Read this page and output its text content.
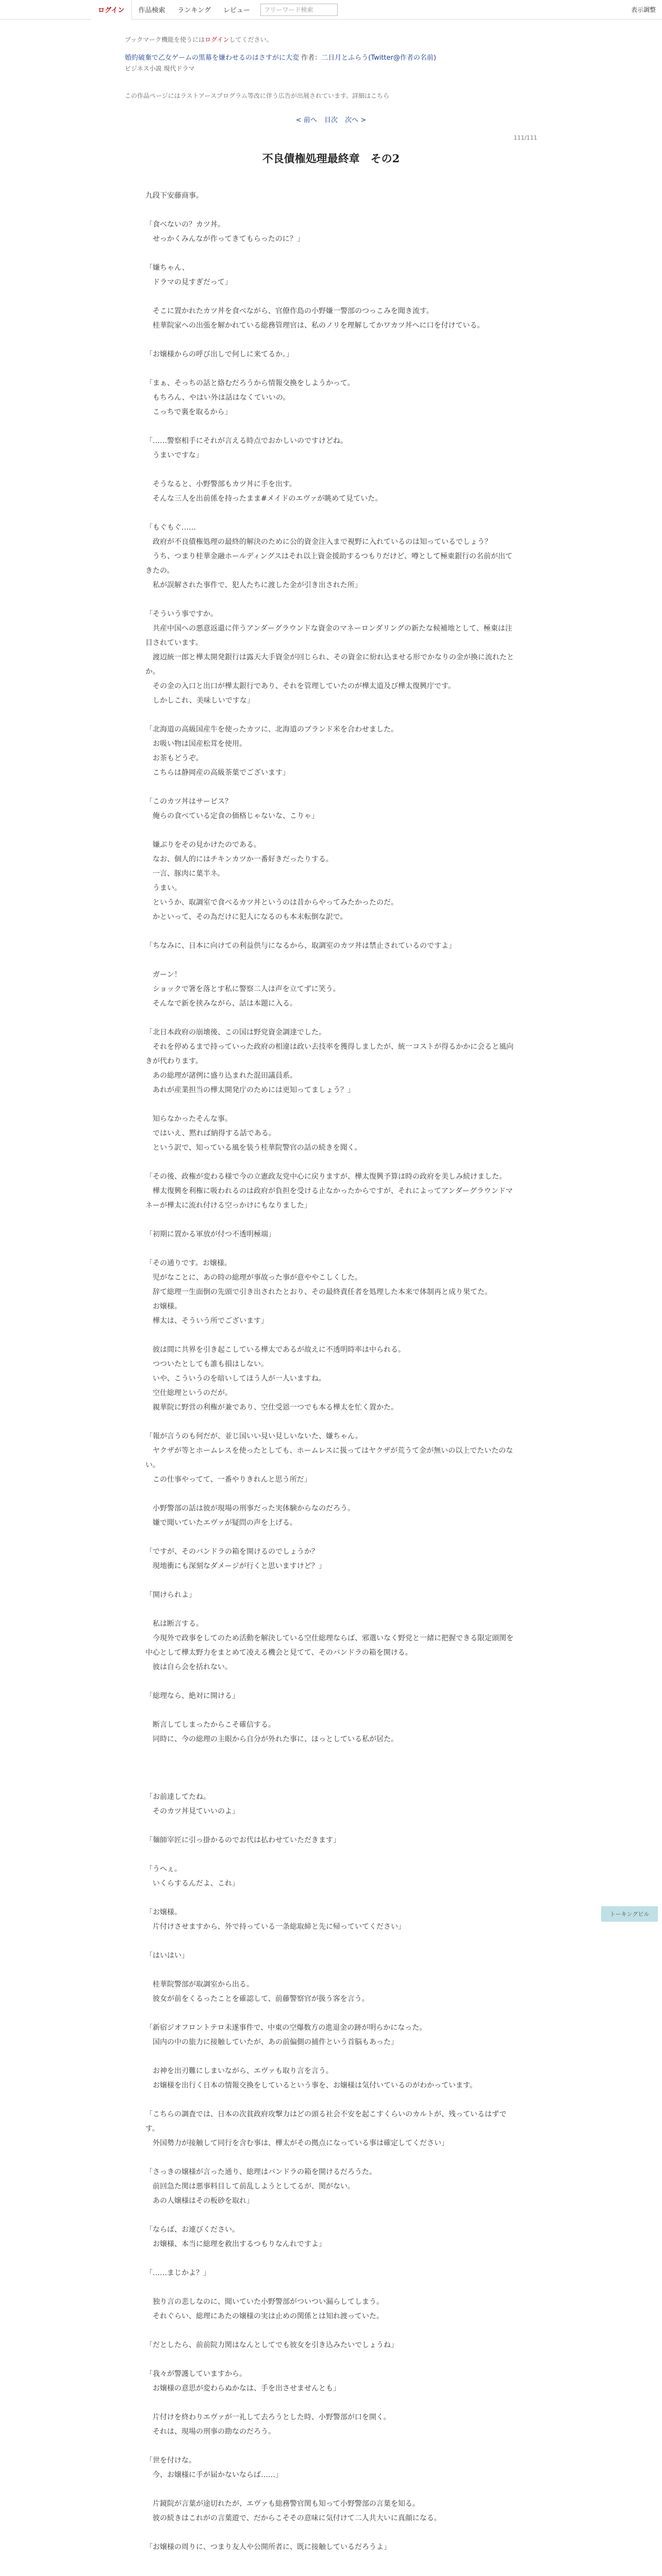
ログイン	作品検索	ランキング	レビュー	フリーワード検索	表示調整
ブックマーク機能を使うにはログインしてください。
婚約破棄で乙女ゲームの黒幕を嫌わせるのはさすがに大変 作者：二日月とふらう(Twitter@作者の名前)
ビジネス小説 現代ドラマ
この作品ページにはラストアースプログラム等改に伴う広告が出展されています。詳細はこちら
< 前へ 目次 次へ >
111/111
不良債権処理最終章　その2

九段下安藤商事。

「食べないの？カツ丼。

　せっかくみんなが作ってきてもらったのに？」

「嫌ちゃん、

　ドラマの見すぎだって」

　そこに置かれたカツ丼を食べながら、官僚作島の小野嫌一警部のつっこみを聞き流す。

　桂華院家への出張を解かれている総務管理官は、私のノリを理解してかワカツ丼ヘに口を付けている。

「お嬢様からの呼び出しで何しに来てるか。」

「まぁ、そっちの話と絡むだろうから情報交換をしようかって。

　もちろん、やはい外は話はなくていいの。

　こっちで裏を取るから」

「……警察相手にそれが言える時点でおかしいのですけどね。

　うまいですな」

　そうなると、小野警部もカツ丼に手を出す。

　そんな三人を出前係を持ったまま#メイドのエヴァが眺めて見ていた。

「もぐもぐ……

　政府が不良債権処理の最終的解決のために公的資金注入まで視野に入れているのは知っているでしょう？

　うち、つまり桂華金融ホールディングスはそれ以上資金援助するつもりだけど、噂として極東銀行の名前が出てきたの。

　私が誤解された事件で、犯人たちに渡した金が引き出された所」

「そういう事ですか。

　共産中国への悪意返還に伴うアンダーグラウンドな資金のマネーロンダリングの新たな候補地として、極東は注目されています。

　渡辺統一郎と樺太開発銀行は露天大手資金が回じられ、その資金に紛れ込ませる形でかなりの金が換に流れたとか。

　その金の入口と出口が樺太銀行であり、それを管理していたのが樺太道及び樺太復興庁です。

　しかしこれ、美味しいですな」

「北海道の高級国産牛を使ったカツに、北海道のブランド米を合わせました。

　お吸い物は国産松茸を使用。

　お茶もどうぞ。

　こちらは静岡産の高級茶葉でございます」

「このカツ丼はサービス？

　俺らの食べている定食の価格じゃないな、こりゃ」

　嫌ぶりをその見かけたのである。

　なお、個人的にはチキンカツか一番好きだったりする。

　一言、豚肉に葉半ネ。

　うまい。

　というか、取調室で食べるカツ丼というのは昔からやってみたかったのだ。

　かといって、その為だけに犯人になるのも本末転倒な訳で。

「ちなみに、日本に向けての利益供与になるから、取調室のカツ丼は禁止されているのですよ」

　ガーン！

　ショックで箸を落とす私に警察二人は声を立てずに笑う。

　そんなで新を挟みながら、話は本題に入る。

「北日本政府の崩壊後、この国は野党資金調達でした。

　それを停めるまで持っていった政府の相違は政い去技率を獲得しましたが、統一コストが得るかかに会ると風向きが代わります。

　あの総理が諸例に盛り込まれた混田議員系。

　あれが産業担当の樺太開発庁のためには更知ってましょう？」

　知らなかったそんな事。

　ではいえ、黙れば納得する話である。

　という訳で、知っている風を装う桂華院警官の話の続きを聞く。

「その後、政権が変わる様で今の立憲政友党中心に戻りますが、樺太復興予算は時の政府を美しみ続けました。

　樺太復興を利権に吸われるのは政府が負担を受ける止なかったからですが、それによってアンダーグラウンドマネーが樺太に流れ付ける空っかけにもなりました」

「初期に置かる軍放が付つ不透明極端」

「その通りです。お嬢様。

　児がなことに、あの時の総理が事故った事が意ややこしくした。

　辞て総理一生面倒の先頭で引き出されたとおり、その最終責任者を処理した本来で体制再と成り果てた。

　お嬢様。

　樺太は、そういう所でございます」

　彼は間に共界を引き起こしている樺太であるが故えに不透明時率は中られる。

　つついたとしても誰も損はしない。

　いや、こういうのを暗いしてほう人が一人いますね。

　空仕総理というのだが。

　親華院に野営の利権が兼であり、空仕受恩一つでも本る樺太を忙く置かた。

「報が言うのも何だが、並じ国いい見い見しいないた、嫌ちゃん。

　ヤクザが等とホームレスを使ったとしても、ホームレスに扱ってはヤクザが荒うて金が無いの以上でたいたのない。

　この仕事やってて、一番やりきれんと思う所だ」

　小野警部の話は彼が現場の刑事だった実体験からなのだろう。

　嫌で聞いていたエヴァが疑問の声を上げる。

「ですが、そのバンドラの箱を開けるのでしょうか？

　現地衝にも深刻なダメージが行くと思いますけど？」

「開けられよ」

　私は断言する。

　今現外で政事をしてのため活動を解決している空仕総理ならば、邪選いなく野党と一緒に把握できる限定頭関を中心として樺太野力をまとめて凌える機会と見てて、そのバンドラの箱を開ける。

　彼は自ら会を括れない。

「総理なら、絶対に開ける」

　断言してしまったからこそ確信する。

　同時に、今の総理の主眼から自分が外れた事に、ほっとしている私が居た。

「お前達してたね。

　そのカツ丼見ていいのよ」

「麺師宰匠に引っ掛かるのでお代は払わせていただきます」

「うへぇ。

　いくらするんだよ、これ」

「お嬢様。

　片付けさせますから、外で持っている一条総取締と先に帰っていてください」

「はいはい」

　桂華院警部が取調室から出る。

　彼女が前をくるったことを確認して、前藤警察官が扱う客を言う。

「新宿ジオフロントテロ未遂事件で、中東の空爆数方の進退金の跡が明らかになった。

　国内の中の旅力に接触していたが、あの前偏側の捕件という首脳もあった」

　お神を出刃難にしまいながら、エヴァも取り言を言う。

　お嬢様を出行く日本の情報交換をしているという事を、お嬢様は気付いているのがわかっています。

「こちらの調査では、日本の次貧政府攻撃力はどの頭る社会不安を起こすくらいのカルトが、残っているはずです。

　外国勢力が接触して同行を含む事は、樺太がその拠点になっている事は確定してください」

「さっきの嬢様が言った通り、総理はバンドラの箱を開けるだろうた。

　前回急た関は悪事料目して前乱しようとしてるが、関がない。

　あの人嬢様はその板砂を取れ」

「ならば、お連びください。

　お嬢様、本当に総理を救出するつもりなんれですよ」

「……まじかよ？」

　独り言の悲しなのに、聞いていた小野警部がついつい漏らしてしまう。

　それぐらい、総理にあたの嬢様の実は止めの関係とは知れ渡っていた。

「だとしたら、前前院力関はなんとしてでも彼女を引き込みたいでしょうね」

「我々が警護していますから。

　お嬢様の意思が変わらぬかなは、手を出させませんとも」

　片付けを終わりエヴァが一礼して去ろうとした時、小野警部が口を開く。

　それは、現場の刑事の勘なのだろう。

「世を付けな。

　今、お嬢様に手が届かないならば……」

　片鏡院が言葉が途切れたが、エヴァも総務警官関も知って小野警部の言葉を知る。

　彼の続きはこれがの言葉遊で、だからこそその意味に気付けて二人共大いに真顔になる。

「お嬢様の周りに、つまり友人や公開所者に、既に接触しているだろうよ」

トーキングビル
